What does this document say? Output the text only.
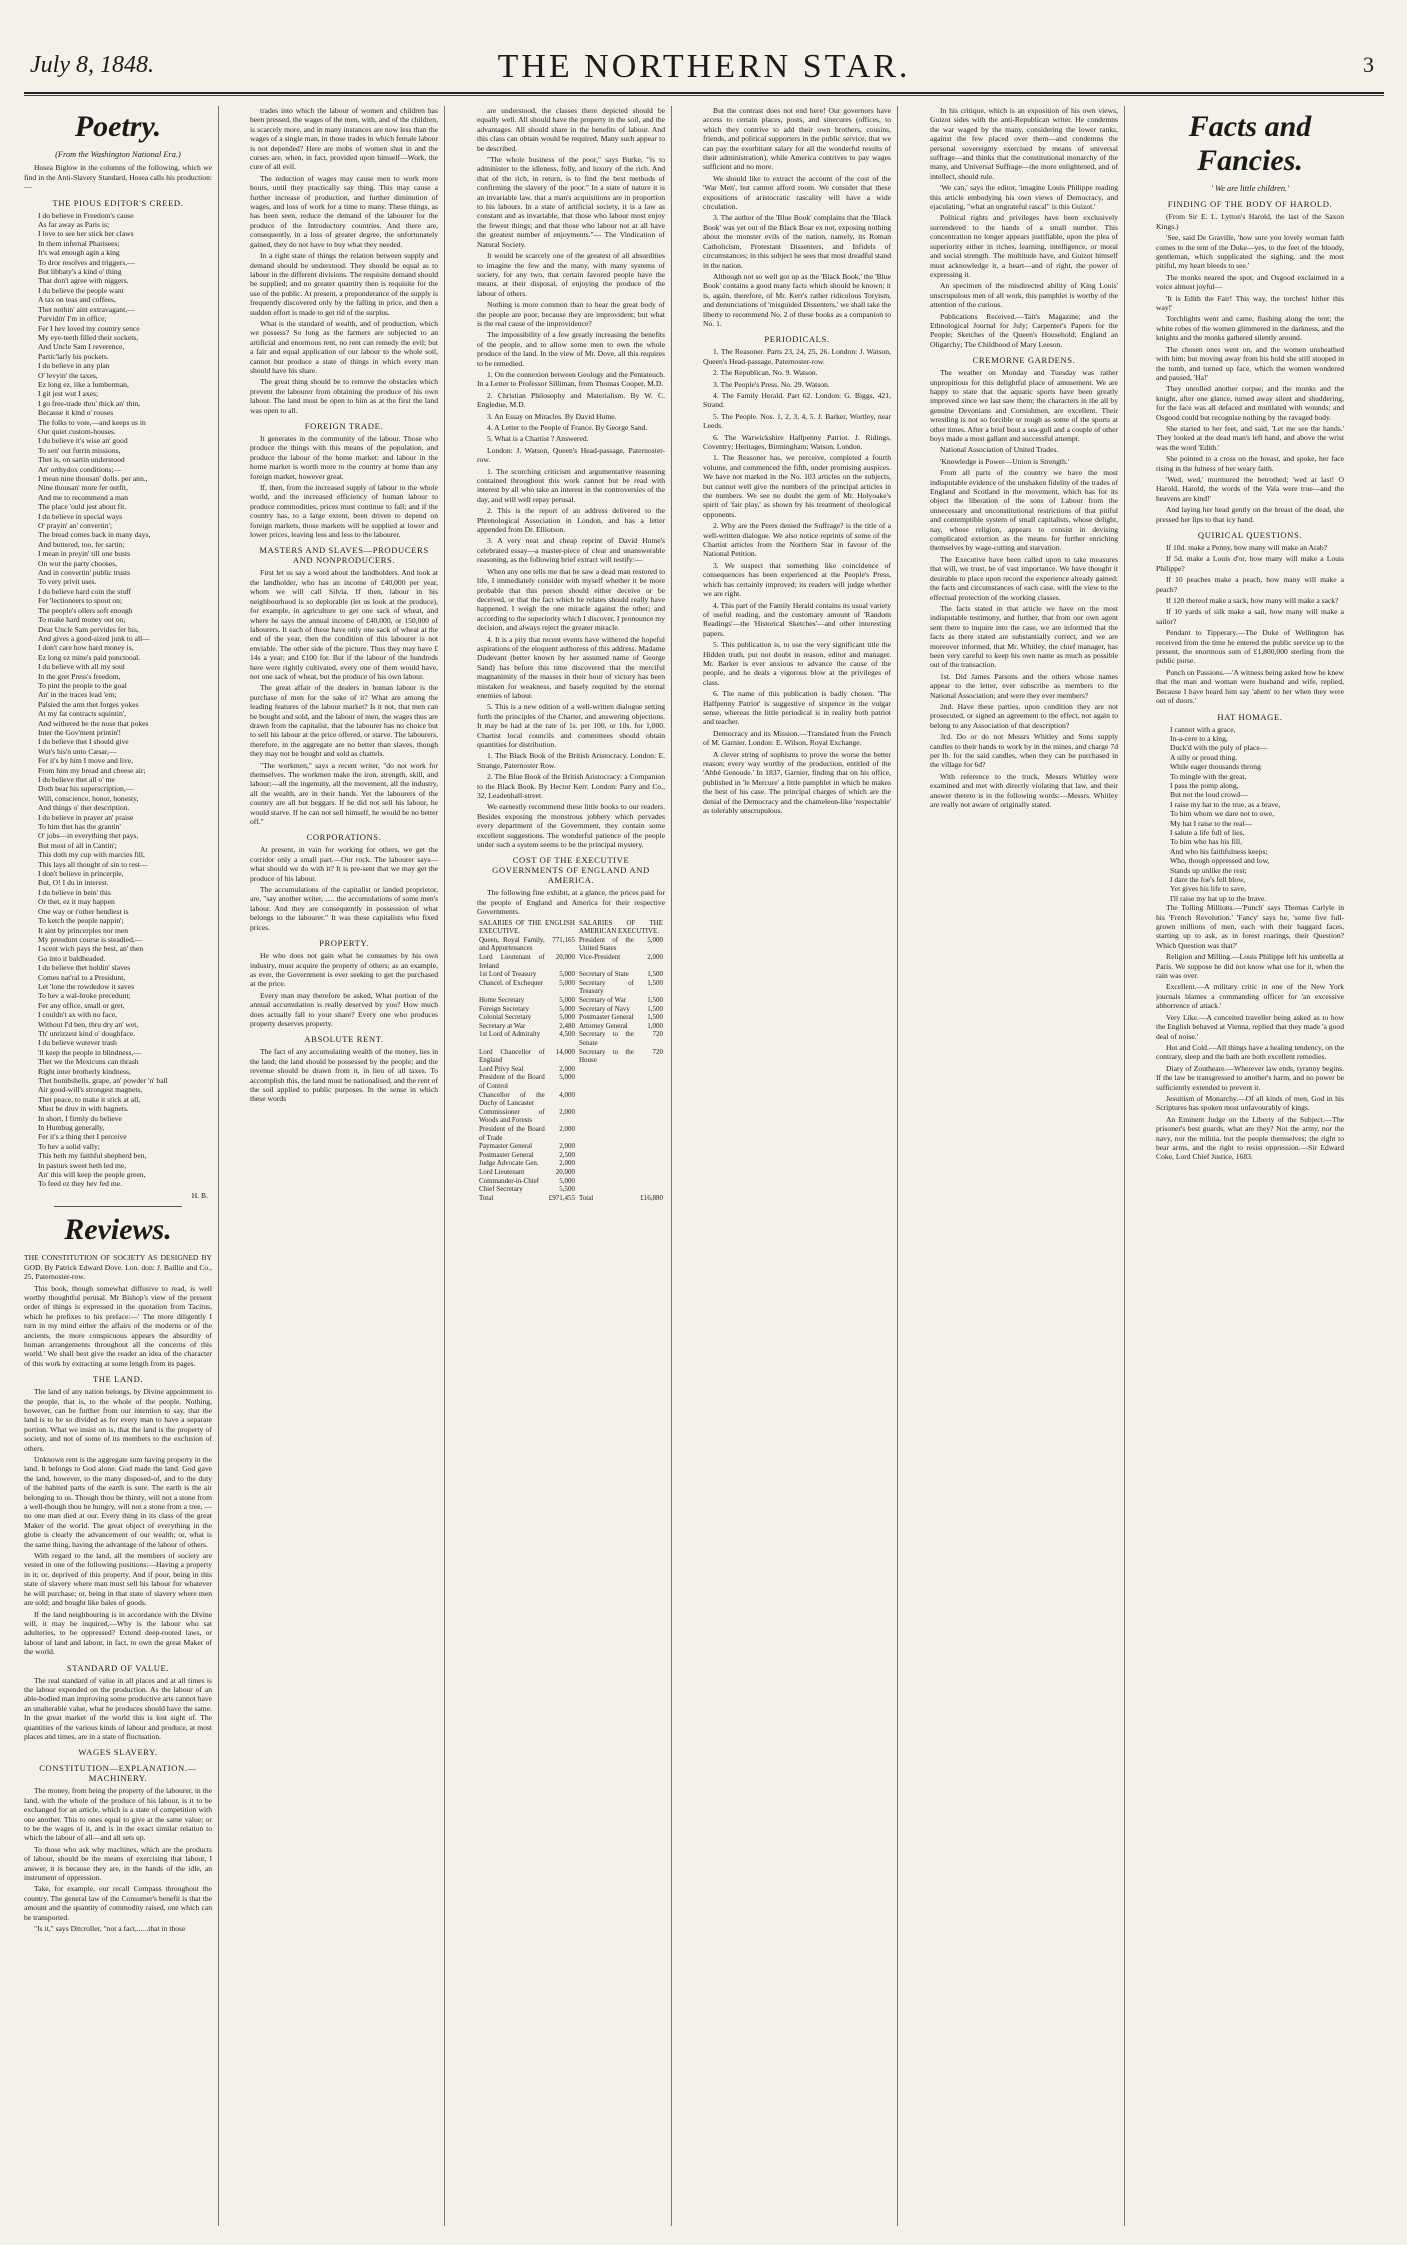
July 8, 1848.	THE NORTHERN STAR.	3
Poetry.
(From the Washington National Era.)

Hosea Biglow in the columns of the following, which we find in the Anti-Slavery Standard, Hosea calls his production:—

THE PIOUS EDITOR'S CREED.

I do believe in Freedom's cause

As far away as Paris is;

I love to see her stick her claws

In them infernal Pharisees;

It's wal enough agin a king

To dror resolves and triggers,—

But libbaty's a kind o' thing

That don't agree with niggers.

I du believe the people want

A tax on teas and coffees,

Thet nothin' aint extravagant,—

Purvidin' I'm in office;

Fer I hev loved my country sence

My eye-teeth filled their sockets,

And Uncle Sam I reverence,

Partic'larly his pockets.

I du believe in any plan

O' levyin' the taxes,

Ez long ez, like a lumberman,

I git jest wut I axes;

I go free-trade thru' thick an' thin,

Because it kind o' rouses

The folks to vote,—and keeps us in

Our quiet custom-houses.

I du believe it's wise an' good

To sen' out furrin missions,

Thet is, on sartin understood

An' orthydox conditions;—

I mean nine thousan' dolls. per ann.,

Nine thousan' more fer outfit,

And me to recommend a man

The place 'ould jest about fit.

I du believe in special ways

O' prayin' an' convertin';

The bread comes back in many days,

And buttered, too, fer sartin;

I mean in preyin' till one busts

On wut the party chooses,

And in convertin' public trusts

To very privit uses.

I du believe hard coin the stuff

Fer 'lectioneers to spout on;

The people's ollers soft enough

To make hard money out on;

Dear Uncle Sam pervides fer his,

And gives a good-sized junk to all—

I don't care how hard money is,

Ez long ez mine's paid punctooal.

I du believe with all my soul

In the gret Press's freedom,

To pint the people to the goal

An' in the traces lead 'em;

Palsied the arm thet forges yokes

At my fat contracts squintin',

And withered be the nose that pokes

Inter the Gov'ment printin'!

I du believe thet I should give

Wut's his'n unto Cæsar,—

Fer it's by him I move and live,

From him my bread and cheese air;

I du believe thet all o' me

Doth bear his superscription,—

Will, conscience, honor, honesty,

And things o' thet description.

I du believe in prayer an' praise

To him thet has the grantin'

O' jobs—in everything thet pays,

But most of all in Cantin';

This doth my cup with marcies fill,

This lays all thought of sin to rest—

I don't believe in princerple,

But, O! I du in interest.

I du believe in bein' this

Or thet, ez it may happen

One way or t'other hendiest is

To ketch the people nappin';

It aint by princerples nor men

My preudunt course is steadied,—

I scent wich pays the best, an' then

Go into it baldheaded.

I du believe thet holdin' slaves

Comes nat'ral to a Presidunt,

Let 'lone the rowdedow it saves

To hev a wal-broke precedunt;

Fer any office, small or gret,

I couldn't ax with no face,

Without I'd ben, thru dry an' wet,

Th' unrizzest kind o' doughface.

I du believe wutever trash

'll keep the people in blindness,—

Thet we the Mexicuns can thrash

Right inter brotherly kindness,

Thet bombshells, grape, an' powder 'n' ball

Air good-will's strongest magnets,

Thet peace, to make it stick at all,

Must be druv in with bagnets.

In short, I firmly du believe

In Humbug generally,

Fer it's a thing thet I perceive

To hev a solid vally;

This heth my faithful shepherd ben,

In pasturs sweet heth led me,

An' this will keep the people green,

To feed ez they hev fed me.

H. B.
Reviews.

THE CONSTITUTION OF SOCIETY AS DESIGNED BY GOD. By Patrick Edward Dove. Lon. don: J. Baillie and Co., 25, Paternoster-row.

This book, though somewhat diffusive to read, is well worthy thoughtful perusal. Mr Bishop's view of the present order of things is expressed in the quotation from Tacitus, which he prefixes to his preface:—' The more diligently I turn in my mind either the affairs of the moderns or of the ancients, the more conspicuous appears the absurdity of human arrangements throughout all the concerns of this world.' We shall best give the reader an idea of the character of this work by extracting at some length from its pages.

THE LAND.

The land of any nation belongs, by Divine appointment to the people, that is, to the whole of the people. Nothing, however, can be further from our intention to say, that the land is to be so divided as for every man to have a separate portion. What we insist on is, that the land is the property of society, and not of some of its members to the exclusion of others.

Unknown rent is the aggregate sum having property in the land. It belongs to God alone. God made the land. God gave the land, however, to the many disposed-of, and to the duty of the habited parts of the earth is sure. The earth is the air belonging to us. Though thou be thirsty, will not a stone from a well-though thou be hungry, will not a stone from a tree, — no one man died at our. Every thing in its class of the great Maker of the world. The great object of everything in the globe is clearly the advancement of our wealth; or, what is the same thing, having the advantage of the labour of others.

With regard to the land, all the members of society are vested in one of the following positions:—Having a property in it; or, deprived of this property. And if poor, being in this state of slavery where man must sell his labour for whatever he will purchase; or, being in that state of slavery where men are sold; and bought like bales of goods.

If the land neighbouring is in accordance with the Divine will, it may be inquired,—Why is the labour who sat adulteries, to be oppressed? Extend deep-rooted laws, or labour of land and labour, in fact, to own the great Maker of the world.

STANDARD OF VALUE.

The real standard of value in all places and at all times is the labour expended on the production. As the labour of an able-bodied man improving some productive arts cannot have an unalterable value, what he produces should have the same. In the great market of the world this is lost sight of. The quantities of the various kinds of labour and produce, at most places and times, are in a state of fluctuation.

WAGES SLAVERY.

CONSTITUTION—EXPLANATION.—MACHINERY.

The money, from being the property of the labourer, in the land, with the whole of the produce of his labour, is it to be exchanged for an article, which is a state of competition with one another. This to ones equal to give at the same value; or to be the wages of it, and is in the exact similar relation to which the labour of all—and all sets up.

To those who ask why machines, which are the products of labour, should be the means of exercising that labour, I answer, it is because they are, in the hands of the idle, an instrument of oppression.

Take, for example, our recall Compass throughout the country. The general law of the Consumer's benefit is that the amount and the quantity of commodity raised, one which can be transported.

"Is it," says Ditcroller, "not a fact,......that in those

trades into which the labour of women and children has been pressed, the wages of the men, with, and of the children, is scarcely more, and in many instances are now less than the wages of a single man, in those trades in which female labour is not depended? Here are mobs of women shut in and the curses are, when, in fact, provided upon himself—Work, the cure of all evil.

The reduction of wages may cause men to work more hours, until they practically say thing. This may cause a further increase of production, and further diminution of wages, and loss of work for a time to many. These things, as has been seen, reduce the demand of the labourer for the produce of the Introductory countries. And there are, consequently, in a loss of greater degree, the unfortunately gained, they do not have to buy what they needed.

In a right state of things the relation between supply and demand should be understood. They should be equal as to labour in the different divisions. The requisite demand should be supplied; and no greater quantity then is requisite for the use of the public. At present, a preponderance of the supply is frequently discovered only by the falling in price, and then a sudden effort is made to get rid of the surplus.

What is the standard of wealth, and of production, which we possess? So long as the farmers are subjected to an artificial and enormous rent, no rent can remedy the evil; but a fair and equal application of our labour to the whole soil, cannot but produce a state of things in which every man should have his share.

The great thing should be to remove the obstacles which prevent the labourer from obtaining the produce of his own labour. The land must be open to him as at the first the land was open to all.

FOREIGN TRADE.

It generates in the community of the labour. Those who produce the things with this means of the population, and produce the labour of the home market: and labour in the home market is worth more to the country at home than any foreign market, however great.

If, then, from the increased supply of labour to the whole world, and the increased efficiency of human labour to produce commodities, prices must continue to fall; and if the country has, to a large extent, been driven to depend on foreign markets, those markets will be supplied at lower and lower prices, leaving less and less to the labourer.

MASTERS AND SLAVES—PRODUCERS AND NONPRODUCERS.

First let us say a word about the landholders. And look at the landholder, who has an income of £40,000 per year, whom we will call Silvia. If then, labour in his neighbourhood is so deplorable (let us look at the produce), for example, in agriculture to get one sack of wheat, and where he says the annual income of £40,000, or 150,000 of labourers. It each of these have only one sack of wheat at the end of the year, then the condition of this labourer is not enviable. The other side of the picture. Thus they may have £ 14s a year; and £100 for. But if the labour of the hundreds here were rightly cultivated, every one of them would have, not one sack of wheat, but the produce of his own labour.

The great affair of the dealers in human labour is the purchase of men for the sake of it? What are among the leading features of the labour market? Is it not, that men can be bought and sold, and the labour of men, the wages thus are drawn from the capitalist, that the labourer has no choice but to sell his labour at the price offered, or starve. The labourers, therefore, in the aggregate are no better than slaves, though they may not be bought and sold as chattels.

"The workmen," says a recent writer, "do not work for themselves. The workmen make the iron, strength, skill, and labour;—all the ingenuity, all the movement, all the industry, all the wealth, are in their hands. Yet the labourers of the country are all but beggars. If he did not sell his labour, he would starve. If he can not sell himself, he would be no better off."

CORPORATIONS.

At present, in vain for working for others, we get the corridor only a small part.—Our rock. The labourer says—what should we do with it? It is pre-sent that we may get the produce of his labour.

The accumulations of the capitalist or landed proprietor, are, "say another writer, ..... the accumulations of some men's labour. And they are consequently in possession of what belongs to the labourer." It was these capitalists who fixed prices.

PROPERTY.

He who does not gain what he consumes by his own industry, must acquire the property of others; as an example, as ever, the Government is ever seeking to get the purchased at the price.

Every man may therefore be asked, What portion of the annual accumulation is really deserved by you? How much does actually fall to your share? Every one who produces property deserves property.

ABSOLUTE RENT.

The fact of any accumulating wealth of the money, lies in the land; the land should be possessed by the people; and the revenue should be drawn from it, in lieu of all taxes. To accomplish this, the land must be nationalised, and the rent of the soil applied to public purposes. In the sense in which these words

are understood, the classes there depicted should be equally well. All should have the property in the soil, and the advantages. All should share in the benefits of labour. And this class can obtain would be required. Many such appear to be described.

"The whole business of the poor," says Burke, "is to administer to the idleness, folly, and luxury of the rich. And that of the rich, in return, is to find the best methods of confirming the slavery of the poor." In a state of nature it is an invariable law, that a man's acquisitions are in proportion to his labours. In a state of artificial society, it is a law as constant and as invariable, that those who labour most enjoy the fewest things; and that those who labour not at all have the greatest number of enjoyments."— The Vindication of Natural Society.

It would be scarcely one of the greatest of all absurdities to imagine the few and the many, with many systems of society, for any two, that certain favored people have the means, at their disposal, of enjoying the produce of the labour of others.

Nothing is more common than to hear the great body of the people are poor, because they are improvident; but what is the real cause of the improvidence?

The impossibility of a few greatly increasing the benefits of the people, and to allow some men to own the whole produce of the land. In the view of Mr. Dove, all this requires to be remedied.

1. On the connexion between Geology and the Pentateuch. In a Letter to Professor Silliman, from Thomas Cooper, M.D.

2. Christian Philosophy and Materialism. By W. C. Engledue, M.D.

3. An Essay on Miracles. By David Hume.

4. A Letter to the People of France. By George Sand.

5. What is a Chartist ? Answered.

London: J. Watson, Queen's Head-passage, Paternoster-row.

1. The scorching criticism and argumentative reasoning contained throughout this work cannot but be read with interest by all who take an interest in the controversies of the day, and will well repay perusal.

2. This is the report of an address delivered to the Phrenological Association in London, and has a letter appended from Dr. Elliotson.

3. A very neat and cheap reprint of David Hume's celebrated essay—a master-piece of clear and unanswerable reasoning, as the following brief extract will testify:—

When any one tells me that he saw a dead man restored to life, I immediately consider with myself whether it be more probable that this person should either deceive or be deceived, or that the fact which he relates should really have happened. I weigh the one miracle against the other; and according to the superiority which I discover, I pronounce my decision, and always reject the greater miracle.

4. It is a pity that recent events have withered the hopeful aspirations of the eloquent authoress of this address. Madame Dudevant (better known by her assumed name of George Sand) has before this time discovered that the merciful magnanimity of the masses in their hour of victory has been mistaken for weakness, and basely requited by the eternal enemies of labour.

5. This is a new edition of a well-written dialogue setting forth the principles of the Charter, and answering objections. It may be had at the rate of 1s. per 100, or 10s. for 1,000. Chartist local councils and committees should obtain quantities for distribution.

1. The Black Book of the British Aristocracy. London: E. Strange, Paternoster Row.

2. The Blue Book of the British Aristocracy: a Companion to the Black Book. By Hector Kerr. London: Parry and Co., 32, Leadenhall-street.

We earnestly recommend these little books to our readers. Besides exposing the monstrous jobbery which pervades every department of the Government, they contain some excellent suggestions. The wonderful patience of the people under such a system seems to be the principal mystery.

COST OF THE EXECUTIVE GOVERNMENTS OF ENGLAND AND AMERICA.

The following fine exhibit, at a glance, the prices paid for the people of England and America for their respective Governments.

SALARIES OF THE ENGLISH EXECUTIVE.		SALARIES OF THE AMERICAN EXECUTIVE.	
Queen, Royal Family, and Appurtenances	771,165	President of the United States	5,000
Lord Lieutenant of Ireland	20,000	Vice-President	2,000
1st Lord of Treasury	5,000	Secretary of State	1,500
Chancel. of Exchequer	5,000	Secretary of Treasury	1,500
Home Secretary	5,000	Secretary of War	1,500
Foreign Secretary	5,000	Secretary of Navy	1,500
Colonial Secretary	5,000	Postmaster General	1,500
Secretary at War	2,480	Attorney General	1,000
1st Lord of Admiralty	4,500	Secretary to the Senate	720
Lord Chancellor of England	14,000	Secretary to the House	720
Lord Privy Seal	2,000		
President of the Board of Control	5,000		
Chancellor of the Duchy of Lancaster	4,000		
Commissioner of Woods and Forests	2,000		
President of the Board of Trade	2,000		
Paymaster General	2,000		
Postmaster General	2,500		
Judge Advocate Gen.	2,000		
Lord Lieutenant	20,000		
Commander-in-Chief	5,000		
Chief Secretary	5,500		
Total	£971,455	Total	£16,880

But the contrast does not end here! Our governors have access to certain places, posts, and sinecures (offices, to which they contrive to add their own brothers, cousins, friends, and political supporters in the public service, that we can pay the exorbitant salary for all the wonderful results of their administration), while America contrives to pay wages sufficient and no more.

We should like to extract the account of the cost of the 'War Men', but cannot afford room. We consider that these expositions of aristocratic rascality will have a wide circulation.

3. The author of the 'Blue Book' complains that the 'Black Book' was yet out of the Black Boar ex not, exposing nothing about the monster evils of the nation, namely, its Roman Catholicism, Protestant Dissenters, and Infidels of circumstances; in this subject he sees that most dreadful stand in the nation.

Although not so well got up as the 'Black Book,' the 'Blue Book' contains a good many facts which should be known; it is, again, therefore, of Mr. Kerr's rather ridiculous Toryism, and denunciations of 'misguided Dissenters,' we shall take the liberty to recommend No. 2 of these books as a companion to No. 1.

PERIODICALS.

1. The Reasoner. Parts 23, 24, 25, 26. London: J. Watson, Queen's Head-passage, Paternoster-row.

2. The Republican. No. 9. Watson.

3. The People's Press. No. 29. Watson.

4. The Family Herald. Part 62. London: G. Biggs, 421, Strand.

5. The People. Nos. 1, 2, 3, 4, 5. J. Barker, Wortley, near Leeds.

6. The Warwickshire Halfpenny Patriot. J. Ridings, Coventry; Heritages, Birmingham; Watson, London.

1. The Reasoner has, we perceive, completed a fourth volume, and commenced the fifth, under promising auspices. We have not marked in the No. 103 articles on the subjects, but cannot well give the numbers of the principal articles in the numbers. We see no doubt the gem of Mr. Holyoake's spirit of 'fair play,' as shown by his treatment of theological opponents.

2. Why are the Peers denied the Suffrage? is the title of a well-written dialogue. We also notice reprints of some of the Chartist articles from the Northern Star in favour of the National Petition.

3. We suspect that something like coincidence of consequences has been experienced at the People's Press, which has certainly improved; its readers will judge whether we are right.

4. This part of the Family Herald contains its usual variety of useful reading, and the customary amount of 'Random Readings'—the 'Historical Sketches'—and other interesting papers.

5. This publication is, to use the very significant title the Hidden truth, put not doubt in reason, editor and manager. Mr. Barker is ever anxious to advance the cause of the people, and he deals a vigorous blow at the privileges of class.

6. The name of this publication is badly chosen. 'The Halfpenny Patriot' is suggestive of sixpence in the vulgar sense, whereas the little periodical is in reality both patriot and teacher.

Democracy and its Mission.—Translated from the French of M. Garnier. London: E. Wilson, Royal Exchange.

A clever string of sophisms to prove the worse the better reason; every way worthy of the production, entitled of the 'Abbé Genoude.' In 1837, Garnier, finding that on his office, published in 'le Mercure' a little pamphlet in which he makes the best of his case. The principal charges of which are the denial of the Democracy and the chameleon-like 'respectable' as tolerably unscrupulous.

In his critique, which is an exposition of his own views, Guizot sides with the anti-Republican writer. He condemns the war waged by the many, considering the lower ranks, against the few placed over them—and condemns the personal sovereignty exercised by means of universal suffrage—and thinks that the constitutional monarchy of the many, and Universal Suffrage—the more enlightened, and of intellect, should rule.

'We can,' says the editor, 'imagine Louis Philippe reading this article embodying his own views of Democracy, and ejaculating, "what an ungrateful rascal" is this Guizot.'

Political rights and privileges have been exclusively surrendered to the hands of a small number. This concentration no longer appears justifiable, upon the plea of superiority either in riches, learning, intelligence, or moral and social strength. The multitude have, and Guizot himself must acknowledge it, a heart—and of right, the power of expressing it.

An specimen of the misdirected ability of King Louis' unscrupulous men of all work, this pamphlet is worthy of the attention of the curious.

Publications Received.—Tait's Magazine; and the Ethnological Journal for July; Carpenter's Papers for the People; Sketches of the Queen's Household; England an Oligarchy; The Childhood of Mary Leeson.

CREMORNE GARDENS.

The weather on Monday and Tuesday was rather unpropitious for this delightful place of amusement. We are happy to state that the aquatic sports have been greatly improved since we last saw them; the characters in the all by genuine Devonians and Cornishmen, are excellent. Their wrestling is not so forcible or rough as some of the sports at other times. After a brief bout a sea-gull and a couple of other boys made a most gallant and successful attempt.

National Association of United Trades.

'Knowledge is Power—Union is Strength.'

From all parts of the country we have the most indisputable evidence of the unshaken fidelity of the trades of England and Scotland in the movement, which has for its object the liberation of the sons of Labour from the unnecessary and unconstitutional restrictions of that pitiful and contemptible system of small capitalists, whose delight, nay, whose religion, appears to consist in devising complicated extortion as the means for further enriching themselves by wage-cutting and starvation.

The Executive have been called upon to take measures that will, we trust, be of vast importance. We have thought it desirable to place upon record the experience already gained: the facts and circumstances of each case, with the view to the effectual protection of the working classes.

The facts stated in that article we have on the most indisputable testimony, and further, that from our own agent sent there to inquire into the case, we are informed that the facts as there stated are substantially correct, and we are moreover informed, that Mr. Whitley, the chief manager, has been very careful to keep his own name as much as possible out of the transaction.

1st. Did James Parsons and the others whose names appear to the letter, ever subscribe as members to the National Association; and were they ever members?

2nd. Have these parties, upon condition they are not prosecuted, or signed an agreement to the effect, not again to belong to any Association of that description?

3rd. Do or do not Messrs Whitley and Sons supply candles to their hands to work by in the mines, and charge 7d per lb. for the said candles, when they can be purchased in the village for 6d?

With reference to the truck, Messrs Whitley were examined and met with directly violating that law, and their answer thereto is in the following words:—Messrs. Whitley are really not aware of originally stated.

Facts and Fancies.
' We are little children.'
FINDING OF THE BODY OF HAROLD.

(From Sir E. L. Lytton's Harold, the last of the Saxon Kings.)

'See, said De Graville, 'how sure you lovely woman faith comes to the tent of the Duke—yes, to the feet of the bloody, gentleman, which supplicated the sighing, and the most pitiful, my heart bleeds to see.'

The monks neared the spot, and Osgood exclaimed in a voice almost joyful—

'It is Edith the Fair! This way, the torches! hither this way!'

Torchlights went and came, flashing along the tent; the white robes of the women glimmered in the darkness, and the knights and the monks gathered silently around.

The chosen ones went on, and the women unsheathed with him; but moving away from his hold she still stooped in the tomb, and turned up face, which the women wondered and paused, 'Ha!'

They unrolled another corpse; and the monks and the knight, after one glance, turned away silent and shuddering, for the face was all defaced and mutilated with wounds; and Osgood could but recognise nothing by the ravaged body.

She started to her feet, and said, 'Let me see the hands.' They looked at the dead man's left hand, and above the wrist was the word 'Edith.'

She pointed to a cross on the breast, and spoke, her face rising in the fulness of her weary faith.

'Wed, wed,' murmured the betrothed; 'wed at last! O Harold, Harold, the words of the Vala were true—and the heavens are kind!'

And laying her head gently on the breast of the dead, she pressed her lips to that icy hand.

QUIRICAL QUESTIONS.

If 10d. make a Penny, how many will make an Arab?

If 5d. make a Louis d'or, how many will make a Louis Philippe?

If 10 peaches make a peach, how many will make a peach?

If 120 thereof make a sack, how many will make a sack?

If 10 yards of silk make a sail, how many will make a sailor?

Pendant to Tipperary.—The Duke of Wellington has received from the time he entered the public service up to the present, the enormous sum of £1,800,000 sterling from the public purse.

Punch on Passions.—'A witness being asked how he knew that the man and woman were husband and wife, replied, Because I have heard him say 'ahem' to her when they were out of doors.'

HAT HOMAGE.

I cannot with a grace,

In-a-cere to a king,

Duck'd with the puly of place—

A silly or proud thing.

While eager thousands throng

To mingle with the great,

I pass the pomp along,

But not the loud crowd—

I raise my hat to the true, as a brave,

To him whom we dare not to owe,

My hat I raise to the real—

I salute a life full of lies,

To him who has his fill,

And who his faithfulness keeps;

Who, though oppressed and low,

Stands up unlike the rest;

I dare the foe's fell blow,

Yet gives his life to save,

I'll raise my hat up to the brave.

The Tolling Millions.—'Punch' says Thomas Carlyle in his 'French Revolution.' 'Fancy' says he, 'some five full-grown millions of men, each with their haggard faces, starting up to ask, as in forest roarings, their Question? Which Question was that?'

Religion and Milling.—Louis Philippe left his umbrella at Paris. We suppose he did not know what use for it, when the rain was over.

Excellent.—A military critic in one of the New York journals blames a commanding officer for 'an excessive abhorrence of attack.'

Very Like.—A conceited traveller being asked as to how the English behaved at Vienna, replied that they made 'a good deal of noise.'

Hot and Cold.—All things have a healing tendency, on the contrary, sleep and the bath are both excellent remedies.

Diary of Zoutheare.—Wherever law ends, tyranny begins. If the law be transgressed to another's harm, and no power be sufficiently extended to prevent it.

Jesuitism of Monarchy.—Of all kinds of men, God in his Scriptures has spoken most unfavourably of kings.

An Eminent Judge on the Liberty of the Subject.—The prisoner's best guards, what are they? Not the army, nor the navy, nor the militia, but the people themselves; the right to bear arms, and the right to resist oppression.—Sir Edward Coke, Lord Chief Justice, 1683.
